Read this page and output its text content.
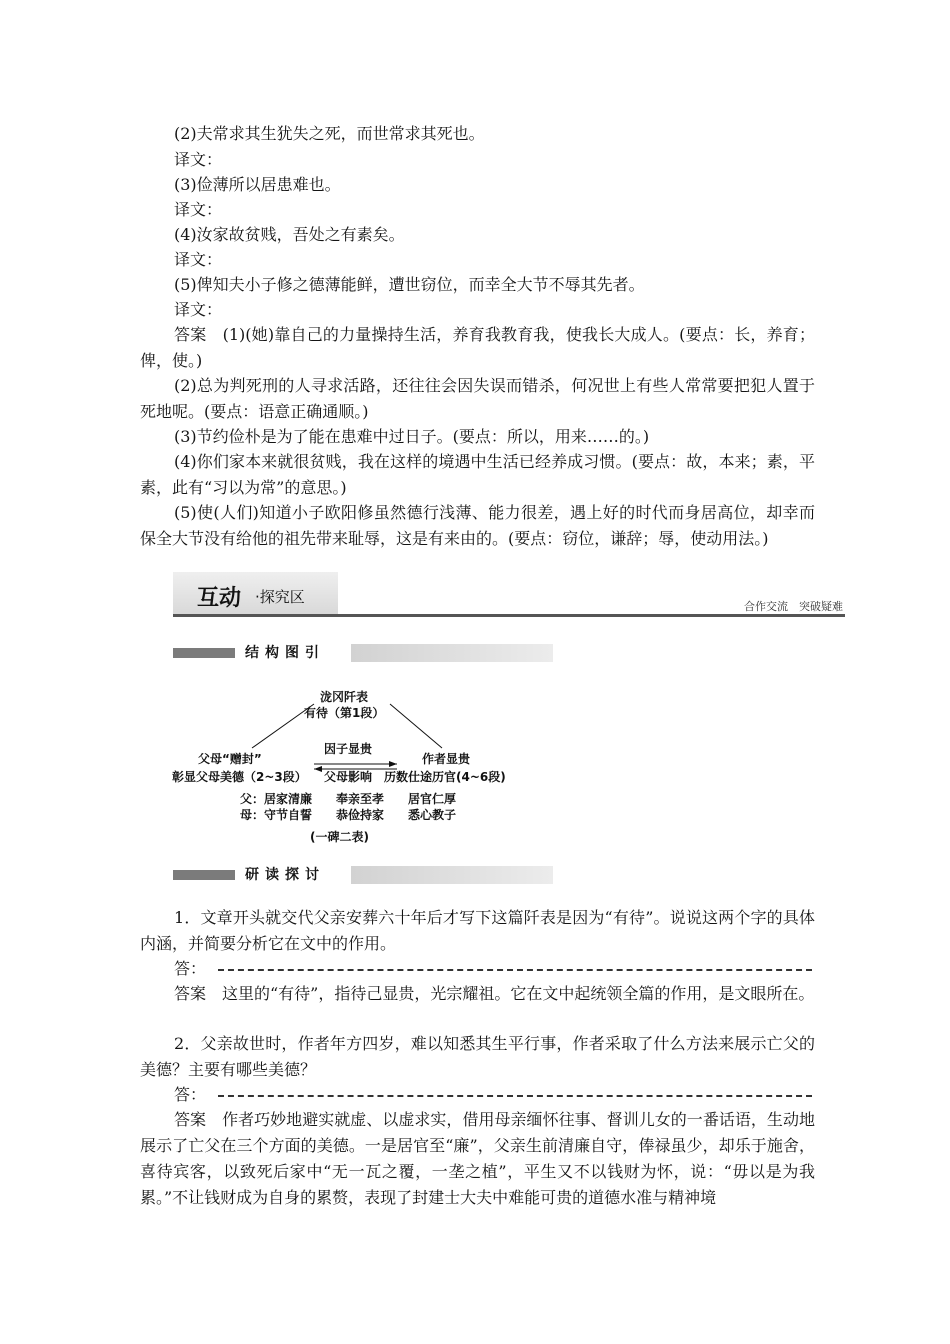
(2)夫常求其生犹失之死，而世常求其死也。

译文：

(3)俭薄所以居患难也。

译文：

(4)汝家故贫贱，吾处之有素矣。

译文：

(5)俾知夫小子修之德薄能鲜，遭世窃位，而幸全大节不辱其先者。

译文：

答案　(1)(她)靠自己的力量操持生活，养育我教育我，使我长大成人。(要点：长，养育；俾，使。)

(2)总为判死刑的人寻求活路，还往往会因失误而错杀，何况世上有些人常常要把犯人置于死地呢。(要点：语意正确通顺。)

(3)节约俭朴是为了能在患难中过日子。(要点：所以，用来……的。)

(4)你们家本来就很贫贱，我在这样的境遇中生活已经养成习惯。(要点：故，本来；素，平素，此有“习以为常”的意思。)

(5)使(人们)知道小子欧阳修虽然德行浅薄、能力很差，遇上好的时代而身居高位，却幸而保全大节没有给他的祖先带来耻辱，这是有来由的。(要点：窃位，谦辞；辱，使动用法。)

互动 ·探究区
合作交流　突破疑难
结构图引
泷冈阡表
有待（第1段）
因子显贵
父母“赠封”	作者显贵
彰显父母美德（2~3段） 父母影响 历数仕途历官(4~6段)
父：居家清廉　　奉亲至孝　　居官仁厚
母：守节自誓　　恭俭持家　　悉心教子
(一碑二表)
研读探讨

1．文章开头就交代父亲安葬六十年后才写下这篇阡表是因为“有待”。说说这两个字的具体内涵，并简要分析它在文中的作用。

答：

答案　这里的“有待”，指待己显贵，光宗耀祖。它在文中起统领全篇的作用，是文眼所在。

2．父亲故世时，作者年方四岁，难以知悉其生平行事，作者采取了什么方法来展示亡父的美德？主要有哪些美德？

答：

答案　作者巧妙地避实就虚、以虚求实，借用母亲缅怀往事、督训儿女的一番话语，生动地展示了亡父在三个方面的美德。一是居官至“廉”，父亲生前清廉自守，俸禄虽少，却乐于施舍，喜待宾客，以致死后家中“无一瓦之覆，一垄之植”，平生又不以钱财为怀，说：“毋以是为我累。”不让钱财成为自身的累赘，表现了封建士大夫中难能可贵的道德水准与精神境
